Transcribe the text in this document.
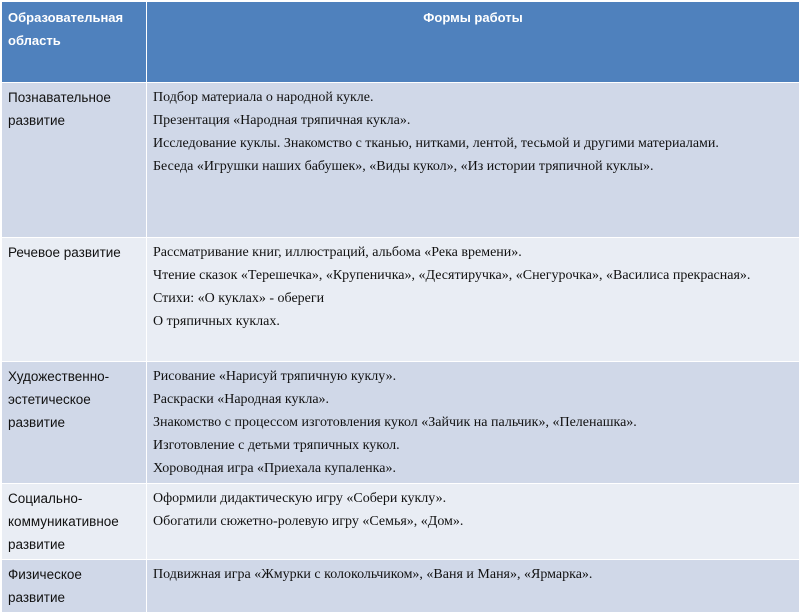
Образовательная область	Формы работы
Познавательное развитие	Подбор материала о народной кукле.
Презентация «Народная тряпичная кукла».
Исследование куклы. Знакомство с тканью, нитками, лентой, тесьмой и другими материалами.
Беседа «Игрушки наших бабушек», «Виды кукол», «Из истории тряпичной куклы».

Речевое развитие	Рассматривание книг, иллюстраций, альбома «Река времени».
Чтение сказок «Терешечка», «Крупеничка», «Десятиручка», «Снегурочка», «Василиса прекрасная».
Стихи: «О куклах» - обереги
О тряпичных куклах.

Художественно-эстетическое развитие	Рисование «Нарисуй тряпичную куклу».
Раскраски «Народная кукла».
Знакомство с процессом изготовления кукол «Зайчик на пальчик», «Пеленашка».
Изготовление с детьми тряпичных кукол.
Хороводная игра «Приехала купаленка».

Социально-коммуникативное развитие	Оформили дидактическую игру «Собери куклу».
Обогатили сюжетно-ролевую игру «Семья», «Дом».

Физическое развитие	Подвижная игра «Жмурки с колокольчиком», «Ваня и Маня», «Ярмарка».
